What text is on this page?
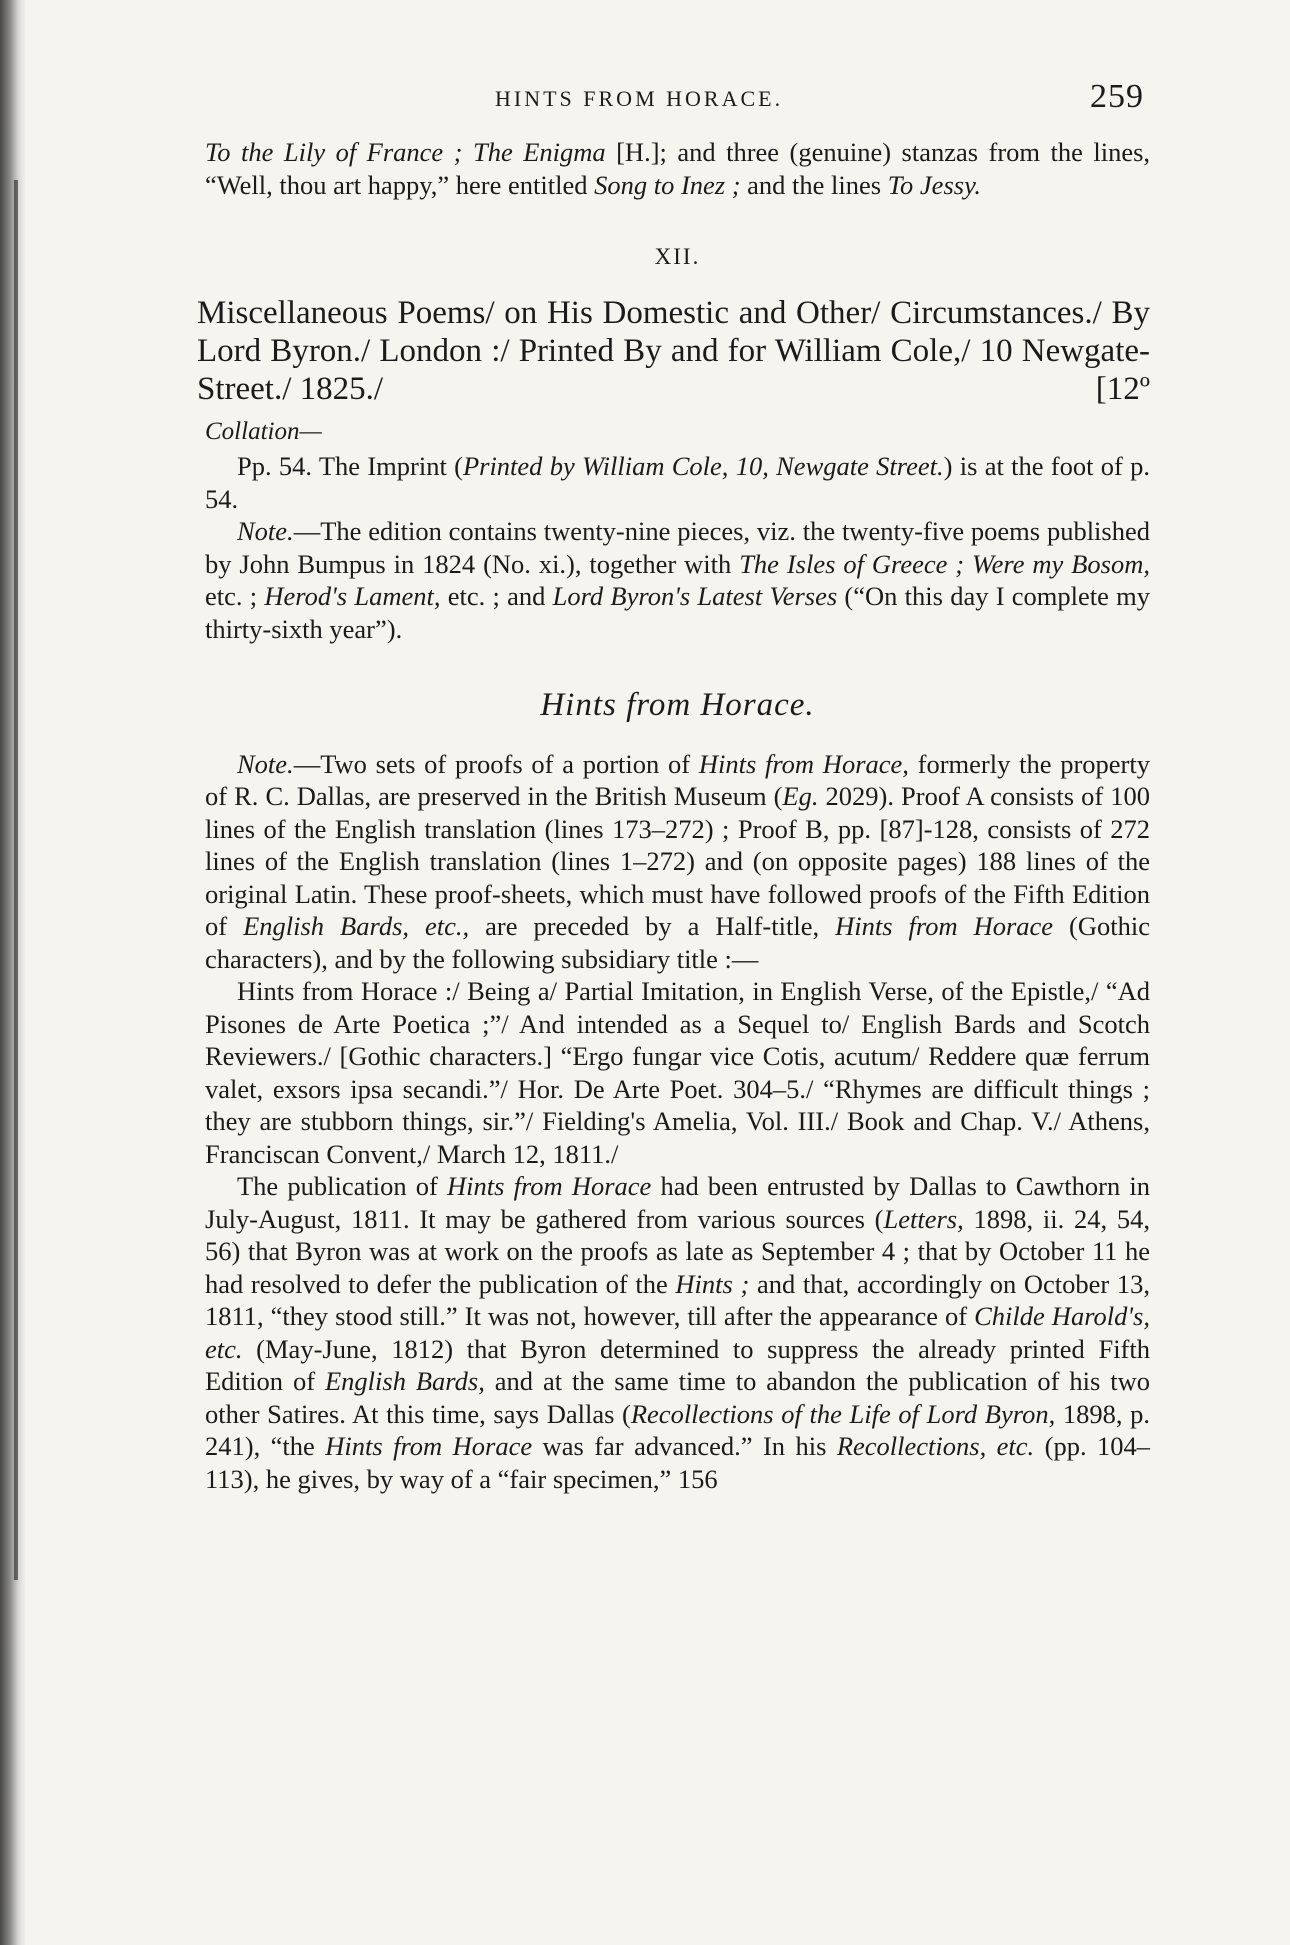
HINTS FROM HORACE.	259

To the Lily of France ; The Enigma [H.]; and three (genuine) stanzas from the lines, “Well, thou art happy,” here entitled Song to Inez ; and the lines To Jessy.

XII.

Miscellaneous Poems/ on His Domestic and Other/ Circumstances./ By Lord Byron./ London :/ Printed By and for William Cole,/ 10 Newgate-Street./ 1825./	[12º

Collation—

Pp. 54. The Imprint (Printed by William Cole, 10, Newgate Street.) is at the foot of p. 54.

Note.—The edition contains twenty-nine pieces, viz. the twenty-five poems published by John Bumpus in 1824 (No. xi.), together with The Isles of Greece ; Were my Bosom, etc. ; Herod's Lament, etc. ; and Lord Byron's Latest Verses (“On this day I complete my thirty-sixth year”).

Hints from Horace.

Note.—Two sets of proofs of a portion of Hints from Horace, formerly the property of R. C. Dallas, are preserved in the British Museum (Eg. 2029). Proof A consists of 100 lines of the English translation (lines 173–272) ; Proof B, pp. [87]-128, consists of 272 lines of the English translation (lines 1–272) and (on opposite pages) 188 lines of the original Latin. These proof-sheets, which must have followed proofs of the Fifth Edition of English Bards, etc., are preceded by a Half-title, Hints from Horace (Gothic characters), and by the following subsidiary title :—

Hints from Horace :/ Being a/ Partial Imitation, in English Verse, of the Epistle,/ “Ad Pisones de Arte Poetica ;”/ And intended as a Sequel to/ English Bards and Scotch Reviewers./ [Gothic characters.] “Ergo fungar vice Cotis, acutum/ Reddere quæ ferrum valet, exsors ipsa secandi.”/ Hor. De Arte Poet. 304–5./ “Rhymes are difficult things ; they are stubborn things, sir.”/ Fielding's Amelia, Vol. III./ Book and Chap. V./ Athens, Franciscan Convent,/ March 12, 1811./

The publication of Hints from Horace had been entrusted by Dallas to Cawthorn in July-August, 1811. It may be gathered from various sources (Letters, 1898, ii. 24, 54, 56) that Byron was at work on the proofs as late as September 4 ; that by October 11 he had resolved to defer the publication of the Hints ; and that, accordingly on October 13, 1811, “they stood still.” It was not, however, till after the appearance of Childe Harold's, etc. (May-June, 1812) that Byron determined to suppress the already printed Fifth Edition of English Bards, and at the same time to abandon the publication of his two other Satires. At this time, says Dallas (Recollections of the Life of Lord Byron, 1898, p. 241), “the Hints from Horace was far advanced.” In his Recollections, etc. (pp. 104–113), he gives, by way of a “fair specimen,” 156
